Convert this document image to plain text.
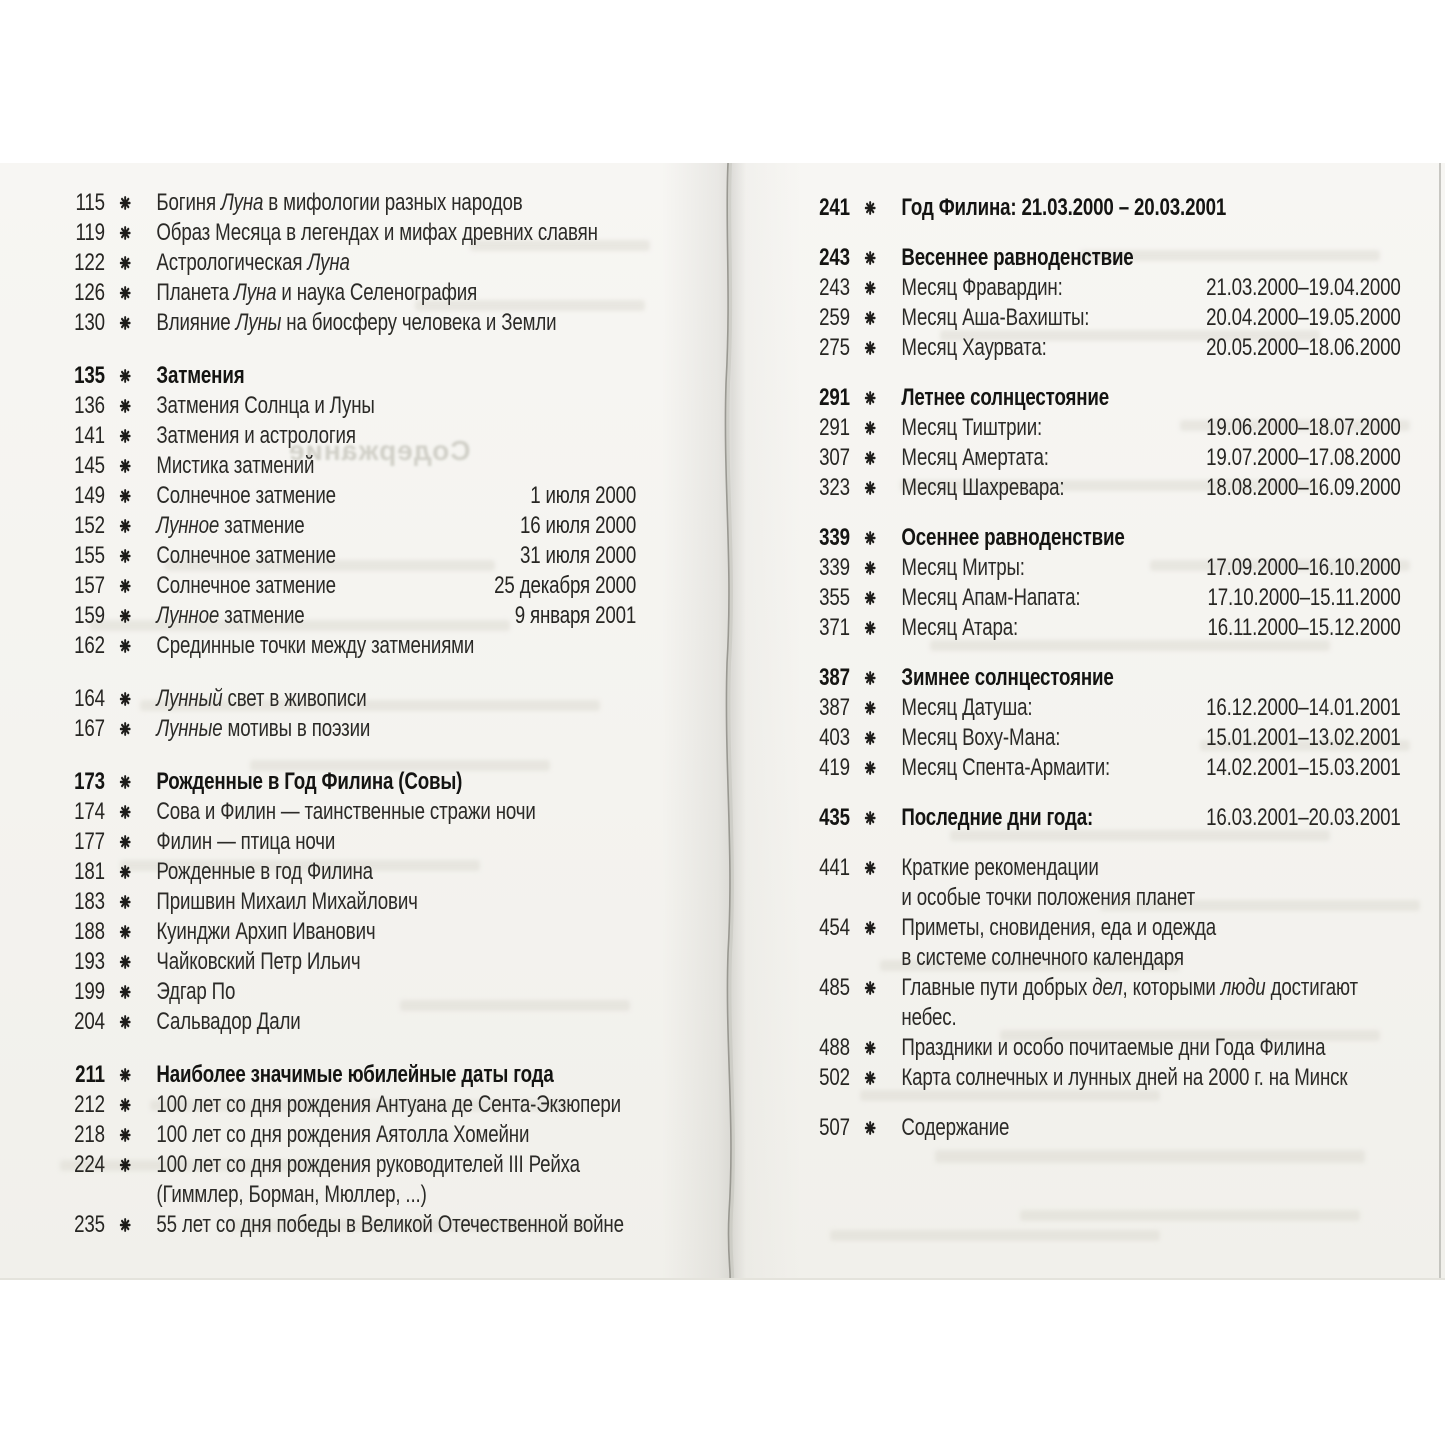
Содержание
115 Богиня Луна в мифологии разных народов
119 Образ Месяца в легендах и мифах древних славян
122 Астрологическая Луна
126 Планета Луна и наука Селенография
130 Влияние Луны на биосферу человека и Земли
135 Затмения
136 Затмения Солнца и Луны
141 Затмения и астрология
145 Мистика затмений
149 Солнечное затмение	1 июля 2000
152 Лунное затмение	16 июля 2000
155 Солнечное затмение	31 июля 2000
157 Солнечное затмение	25 декабря 2000
159 Лунное затмение	9 января 2001
162 Срединные точки между затмениями
164 Лунный свет в живописи
167 Лунные мотивы в поэзии
173 Рожденные в Год Филина (Совы)
174 Сова и Филин — таинственные стражи ночи
177 Филин — птица ночи
181 Рожденные в год Филина
183 Пришвин Михаил Михайлович
188 Куинджи Архип Иванович
193 Чайковский Петр Ильич
199 Эдгар По
204 Сальвадор Дали
211 Наиболее значимые юбилейные даты года
212 100 лет со дня рождения Антуана де Сента-Экзюпери
218 100 лет со дня рождения Аятолла Хомейни
224 100 лет со дня рождения руководителей III Рейха
(Гиммлер, Борман, Мюллер, ...)
235 55 лет со дня победы в Великой Отечественной войне
241 Год Филина: 21.03.2000 – 20.03.2001
243 Весеннее равноденствие
243 Месяц Фравардин:	21.03.2000–19.04.2000
259 Месяц Аша-Вахишты:	20.04.2000–19.05.2000
275 Месяц Хаурвата:	20.05.2000–18.06.2000
291 Летнее солнцестояние
291 Месяц Тиштрии:	19.06.2000–18.07.2000
307 Месяц Амертата:	19.07.2000–17.08.2000
323 Месяц Шахревара:	18.08.2000–16.09.2000
339 Осеннее равноденствие
339 Месяц Митры:	17.09.2000–16.10.2000
355 Месяц Апам-Напата:	17.10.2000–15.11.2000
371 Месяц Атара:	16.11.2000–15.12.2000
387 Зимнее солнцестояние
387 Месяц Датуша:	16.12.2000–14.01.2001
403 Месяц Воху-Мана:	15.01.2001–13.02.2001
419 Месяц Спента-Армаити:	14.02.2001–15.03.2001
435 Последние дни года:	16.03.2001–20.03.2001
441 Краткие рекомендации
и особые точки положения планет
454 Приметы, сновидения, еда и одежда
в системе солнечного календаря
485 Главные пути добрых дел, которыми люди достигают
небес.
488 Праздники и особо почитаемые дни Года Филина
502 Карта солнечных и лунных дней на 2000 г. на Минск
507 Содержание
